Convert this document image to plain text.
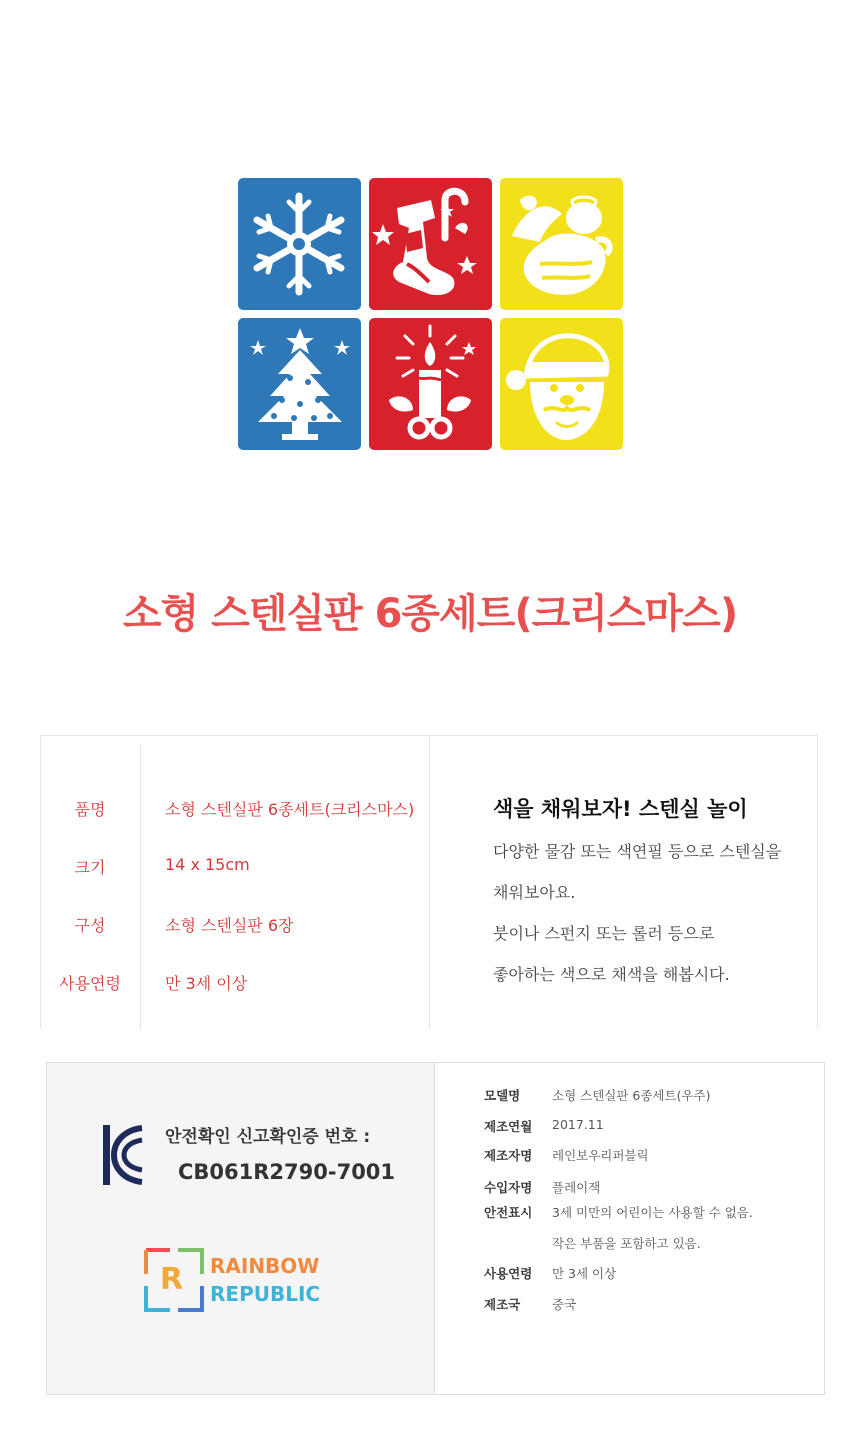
소형 스텐실판 6종세트(크리스마스)
품명	소형 스텐실판 6종세트(크리스마스)
크기	14 x 15cm
구성	소형 스텐실판 6장
사용연령	만 3세 이상
색을 채워보자! 스텐실 놀이
다양한 물감 또는 색연필 등으로 스텐실을
채워보아요.
붓이나 스펀지 또는 롤러 등으로
좋아하는 색으로 채색을 해봅시다.
안전확인 신고확인증 번호 :
CB061R2790-7001
R RAINBOW
REPUBLIC
모델명	소형 스텐실판 6종세트(우주)
제조연월 2017.11
제조자명 레인보우리퍼블릭
수입자명 플레이잭
안전표시 3세 미만의 어린이는 사용할 수 없음.
작은 부품을 포함하고 있음.
사용연령 만 3세 이상
제조국	중국
